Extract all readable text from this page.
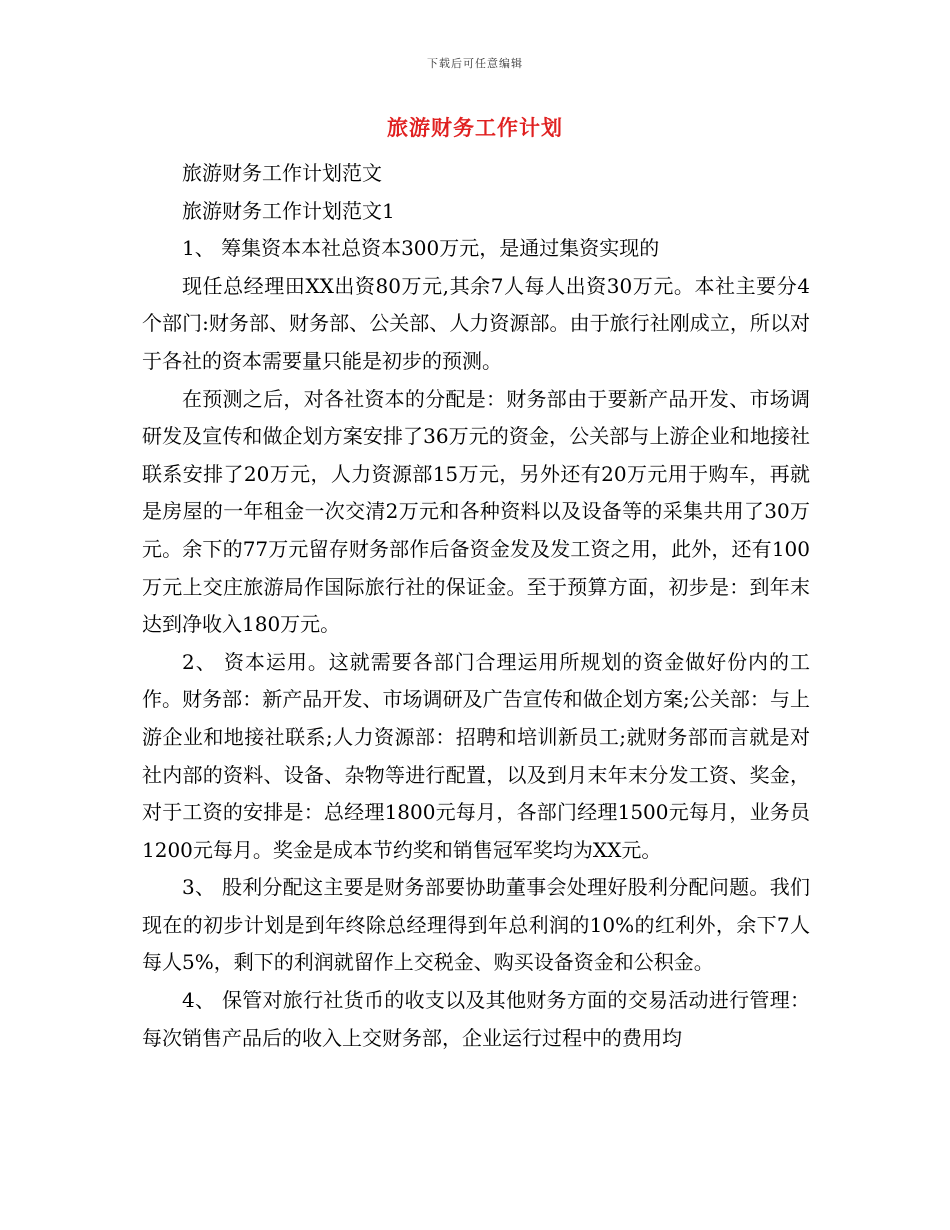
下载后可任意编辑
旅游财务工作计划

旅游财务工作计划范文

旅游财务工作计划范文1

1、 筹集资本本社总资本300万元，是通过集资实现的

现任总经理田XX出资80万元,其余7人每人出资30万元。本社主要分4个部门:财务部、财务部、公关部、人力资源部。由于旅行社刚成立，所以对于各社的资本需要量只能是初步的预测。

在预测之后，对各社资本的分配是：财务部由于要新产品开发、市场调研发及宣传和做企划方案安排了36万元的资金，公关部与上游企业和地接社联系安排了20万元，人力资源部15万元，另外还有20万元用于购车，再就是房屋的一年租金一次交清2万元和各种资料以及设备等的采集共用了30万元。余下的77万元留存财务部作后备资金发及发工资之用，此外，还有100万元上交庄旅游局作国际旅行社的保证金。至于预算方面，初步是：到年末达到净收入180万元。

2、 资本运用。这就需要各部门合理运用所规划的资金做好份内的工作。财务部：新产品开发、市场调研及广告宣传和做企划方案;公关部：与上游企业和地接社联系;人力资源部：招聘和培训新员工;就财务部而言就是对社内部的资料、设备、杂物等进行配置，以及到月末年末分发工资、奖金，对于工资的安排是：总经理1800元每月，各部门经理1500元每月，业务员1200元每月。奖金是成本节约奖和销售冠军奖均为XX元。

3、 股利分配这主要是财务部要协助董事会处理好股利分配问题。我们现在的初步计划是到年终除总经理得到年总利润的10%的红利外，余下7人每人5%，剩下的利润就留作上交税金、购买设备资金和公积金。

4、 保管对旅行社货币的收支以及其他财务方面的交易活动进行管理：每次销售产品后的收入上交财务部，企业运行过程中的费用均
